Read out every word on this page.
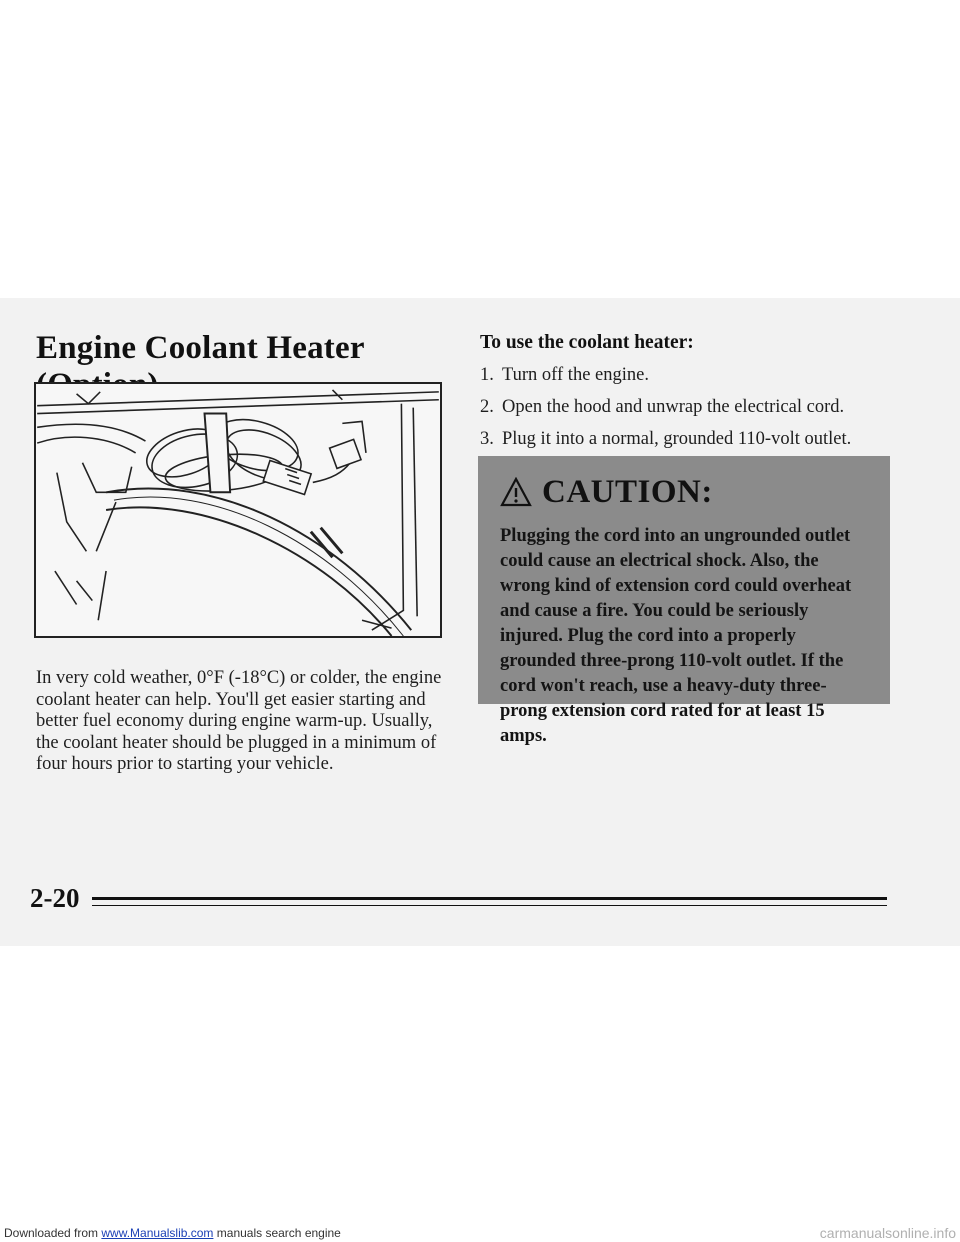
Engine Coolant Heater
In very cold weather, 0°F (-18°C) or colder, the engine coolant heater can help. You'll get easier starting and better fuel economy during engine warm-up. Usually, the coolant heater should be plugged in a minimum of four hours prior to starting your vehicle.
To use the coolant heater:
1. Turn off the engine.
2. Open the hood and unwrap the electrical cord.
3. Plug it into a normal, grounded 110-volt outlet.
CAUTION:
Plugging the cord into an ungrounded outlet could cause an electrical shock. Also, the wrong kind of extension cord could overheat and cause a fire. You could be seriously injured. Plug the cord into a properly grounded three-prong 110-volt outlet. If the cord won't reach, use a heavy-duty three-prong extension cord rated for at least 15 amps.
2-20
Downloaded from www.Manualslib.com manuals search engine	carmanualsonline.info
